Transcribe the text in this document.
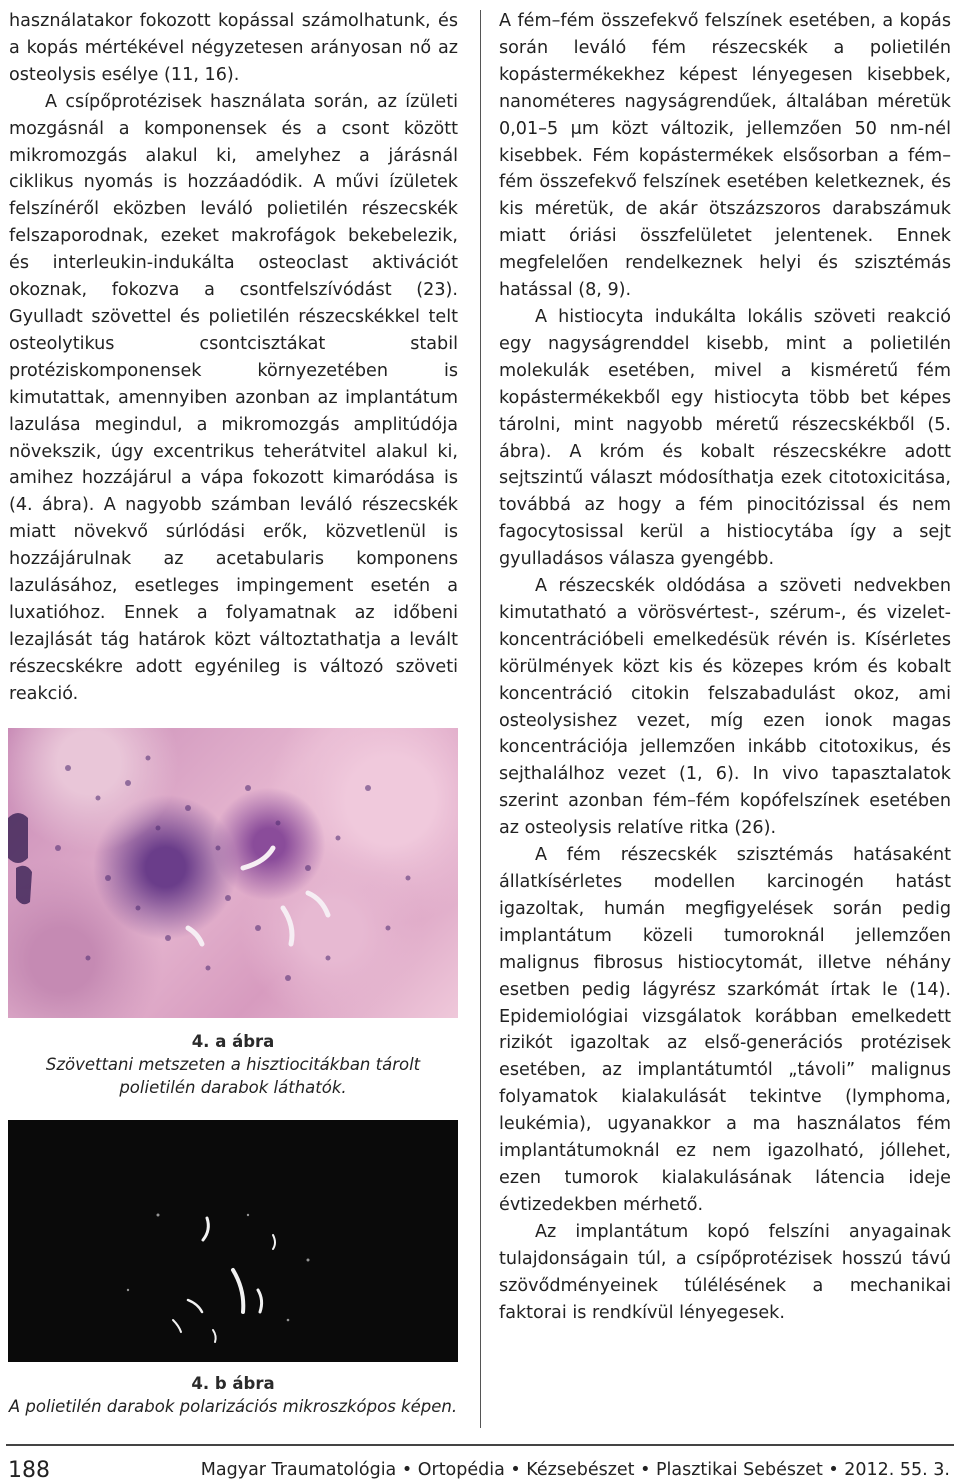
használatakor fokozott kopással számolhatunk, és a kopás mértékével négyzetesen arányosan nő az osteolysis esélye (11, 16).

A csípőprotézisek használata során, az ízületi mozgásnál a komponensek és a csont között mikromozgás alakul ki, amelyhez a járásnál ciklikus nyomás is hozzáadódik. A művi ízületek felszínéről eközben leváló polietilén részecskék felszaporodnak, ezeket makrofágok bekebelezik, és interleukin-indukálta osteoclast aktivációt okoznak, fokozva a csontfelszívódást (23). Gyulladt szövettel és polietilén részecskékkel telt osteolytikus csontcisztákat stabil protéziskomponensek környezetében is kimutattak, amennyiben azonban az implantátum lazulása megindul, a mikromozgás amplitúdója növekszik, úgy excentrikus teherátvitel alakul ki, amihez hozzájárul a vápa fokozott kimaródása is (4. ábra). A nagyobb számban leváló részecskék miatt növekvő súrlódási erők, közvetlenül is hozzájárulnak az acetabularis komponens lazulásához, esetleges impingement esetén a luxatióhoz. Ennek a folyamatnak az időbeni lezajlását tág határok közt változtathatja a levált részecskékre adott egyénileg is változó szöveti reakció.

4. a ábra
Szövettani metszeten a hisztiocitákban tárolt polietilén darabok láthatók.
4. b ábra
A polietilén darabok polarizációs mikroszkópos képen.

A fém–fém összefekvő felszínek esetében, a kopás során leváló fém részecskék a polietilén kopástermékekhez képest lényegesen kisebbek, nanométeres nagyságrendűek, általában méretük 0,01–5 μm közt változik, jellemzően 50 nm-nél kisebbek. Fém kopástermékek elsősorban a fém–fém összefekvő felszínek esetében keletkeznek, és kis méretük, de akár ötszázszoros darabszámuk miatt óriási összfelületet jelentenek. Ennek megfelelően rendelkeznek helyi és szisztémás hatással (8, 9).

A histiocyta indukálta lokális szöveti reakció egy nagyságrenddel kisebb, mint a polietilén molekulák esetében, mivel a kisméretű fém kopástermékekből egy histiocyta több bet képes tárolni, mint nagyobb méretű részecskékből (5. ábra). A króm és kobalt részecskékre adott sejtszintű választ módosíthatja ezek citotoxicitása, továbbá az hogy a fém pinocitózissal és nem fagocytosissal kerül a histiocytába így a sejt gyulladásos válasza gyengébb.

A részecskék oldódása a szöveti nedvekben kimutatható a vörösvértest-, szérum-, és vizelet-koncentrációbeli emelkedésük révén is. Kísérletes körülmények közt kis és közepes króm és kobalt koncentráció citokin felszabadulást okoz, ami osteolysishez vezet, míg ezen ionok magas koncentrációja jellemzően inkább citotoxikus, és sejthalálhoz vezet (1, 6). In vivo tapasztalatok szerint azonban fém–fém kopófelszínek esetében az osteolysis relatíve ritka (26).

A fém részecskék szisztémás hatásaként állatkísérletes modellen karcinogén hatást igazoltak, humán megfigyelések során pedig implantátum közeli tumoroknál jellemzően malignus fibrosus histiocytomát, illetve néhány esetben pedig lágyrész szarkómát írtak le (14). Epidemiológiai vizsgálatok korábban emelkedett rizikót igazoltak az első-generációs protézisek esetében, az implantátumtól „távoli” malignus folyamatok kialakulását tekintve (lymphoma, leukémia), ugyanakkor a ma használatos fém implantátumoknál ez nem igazolható, jóllehet, ezen tumorok kialakulásának látencia ideje évtizedekben mérhető.

Az implantátum kopó felszíni anyagainak tulajdonságain túl, a csípőprotézisek hosszú távú szövődményeinek túlélésének a mechanikai faktorai is rendkívül lényegesek.

188	Magyar Traumatológia • Ortopédia • Kézsebészet • Plasztikai Sebészet • 2012. 55. 3.
